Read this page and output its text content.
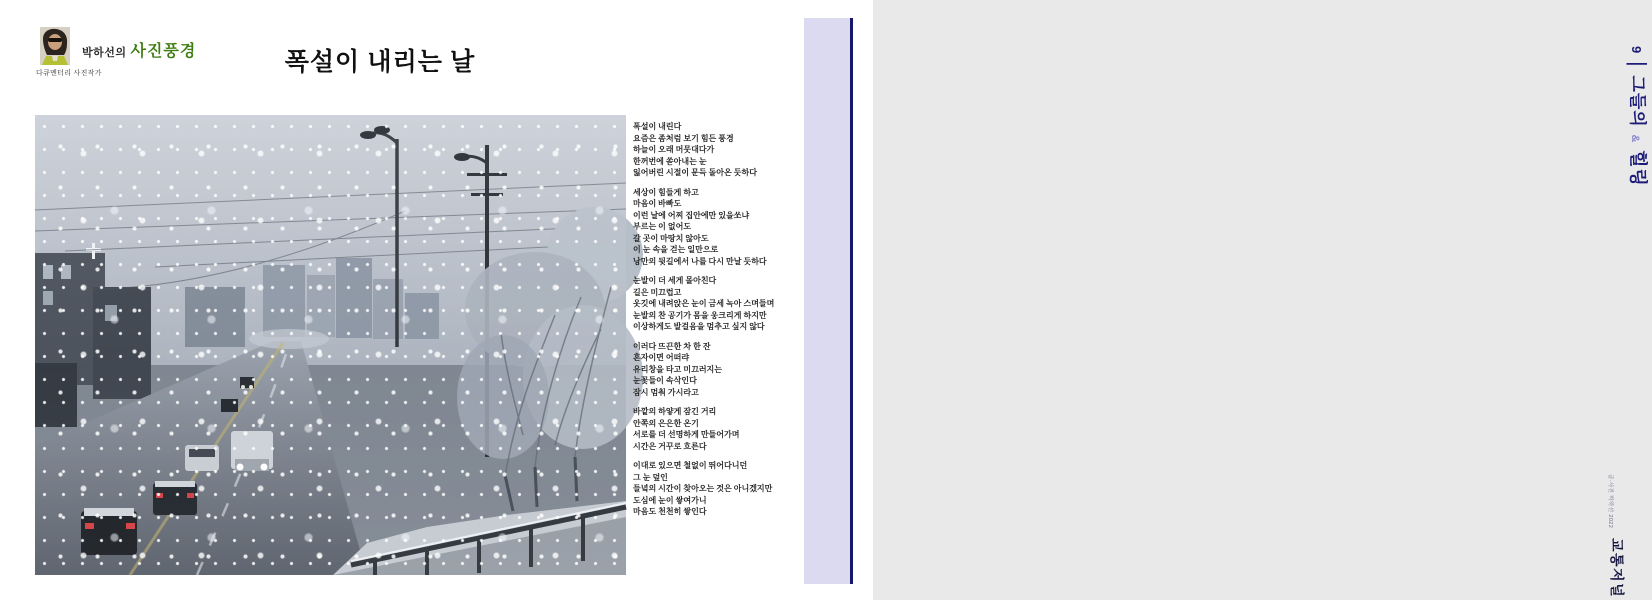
박하선의 사진풍경
다큐멘터리 사진작가	폭설이 내리는 날

폭설이 내린다
요즘은 좀처럼 보기 힘든 풍경
하늘이 오래 머뭇대다가
한꺼번에 쏟아내는 눈
잃어버린 시절이 문득 돌아온 듯하다

세상이 힘들게 하고
마음이 바빠도
이런 날에 어찌 집안에만 있을쏘냐
부르는 이 없어도
갈 곳이 마땅치 않아도
이 눈 속을 걷는 일만으로
낭만의 뒷길에서 나를 다시 만날 듯하다

눈발이 더 세게 몰아친다
길은 미끄럽고
옷깃에 내려앉은 눈이 금세 녹아 스며들며
눈발의 찬 공기가 몸을 웅크리게 하지만
이상하게도 발걸음을 멈추고 싶지 않다

이러다 뜨끈한 차 한 잔
혼자이면 어떠랴
유리창을 타고 미끄러지는
눈꽃들이 속삭인다
잠시 멈춰 가시라고

바깥의 하얗게 잠긴 거리
안쪽의 은은한 온기
서로를 더 선명하게 만들어가며
시간은 거꾸로 흐른다

이대로 있으면 철없이 뛰어다니던
그 눈 덮인
들녘의 시간이 찾아오는 것은 아니겠지만
도심에 눈이 쌓여가니
마음도 천천히 쌓인다

9 | 그들의 & 힐링
글·사진 박하선 2022
교통저널
